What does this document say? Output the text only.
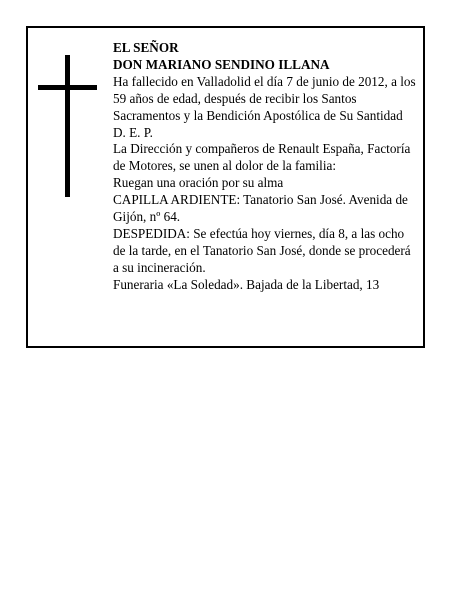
EL SEÑOR

DON MARIANO SENDINO ILLANA

Ha fallecido en Valladolid el día 7 de junio de 2012, a los 59 años de edad, después de recibir los Santos Sacramentos y la Bendición Apostólica de Su Santidad

D. E. P.

La Dirección y compañeros de Renault España, Factoría de Motores, se unen al dolor de la familia:

Ruegan una oración por su alma

CAPILLA ARDIENTE: Tanatorio San José. Avenida de Gijón, nº 64.

DESPEDIDA: Se efectúa hoy viernes, día 8, a las ocho de la tarde, en el Tanatorio San José, donde se procederá a su incineración.

Funeraria «La Soledad». Bajada de la Libertad, 13
